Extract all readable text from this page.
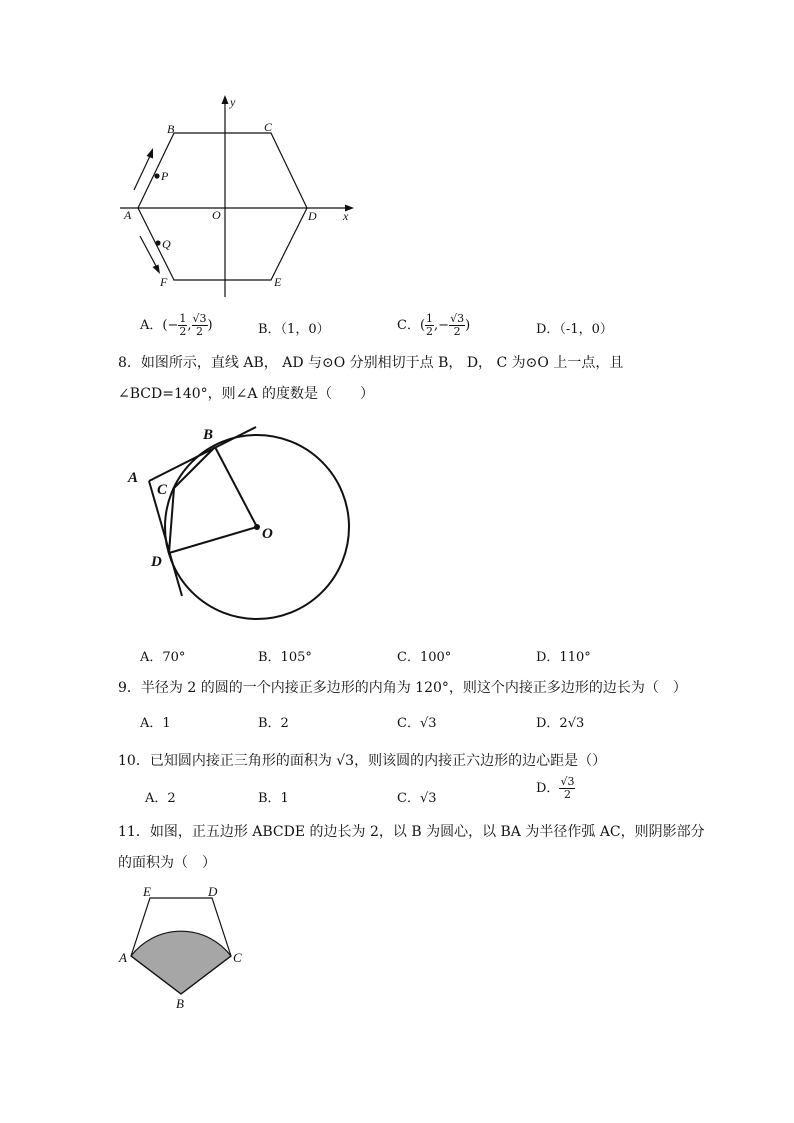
y
x
B	C
P
A	O	D
Q
F	E
A．(− $\frac{1}{2}$ , $\frac{√3}{2}$ )	B．（1，0）	C．( $\frac{1}{2}$ ,− $\frac{√3}{2}$ )	D．（-1，0）
8．如图所示，直线 AB， AD 与⊙O 分别相切于点 B， D， C 为⊙O 上一点，且
∠BCD=140°，则∠A 的度数是（　　）
A
B
C
D
O
A．70°	B．105°	C．100°	D．110°
9．半径为 2 的圆的一个内接正多边形的内角为 120°，则这个内接正多边形的边长为（　）
A．1	B．2	C．√3	D．2√3
10．已知圆内接正三角形的面积为 √3，则该圆的内接正六边形的边心距是（）
A．2	B．1	C．√3
D． $\frac{√3}{2}$
11．如图，正五边形 ABCDE 的边长为 2，以 B 为圆心，以 BA 为半径作弧 AC，则阴影部分
的面积为（　）
E	D
A	C
B
